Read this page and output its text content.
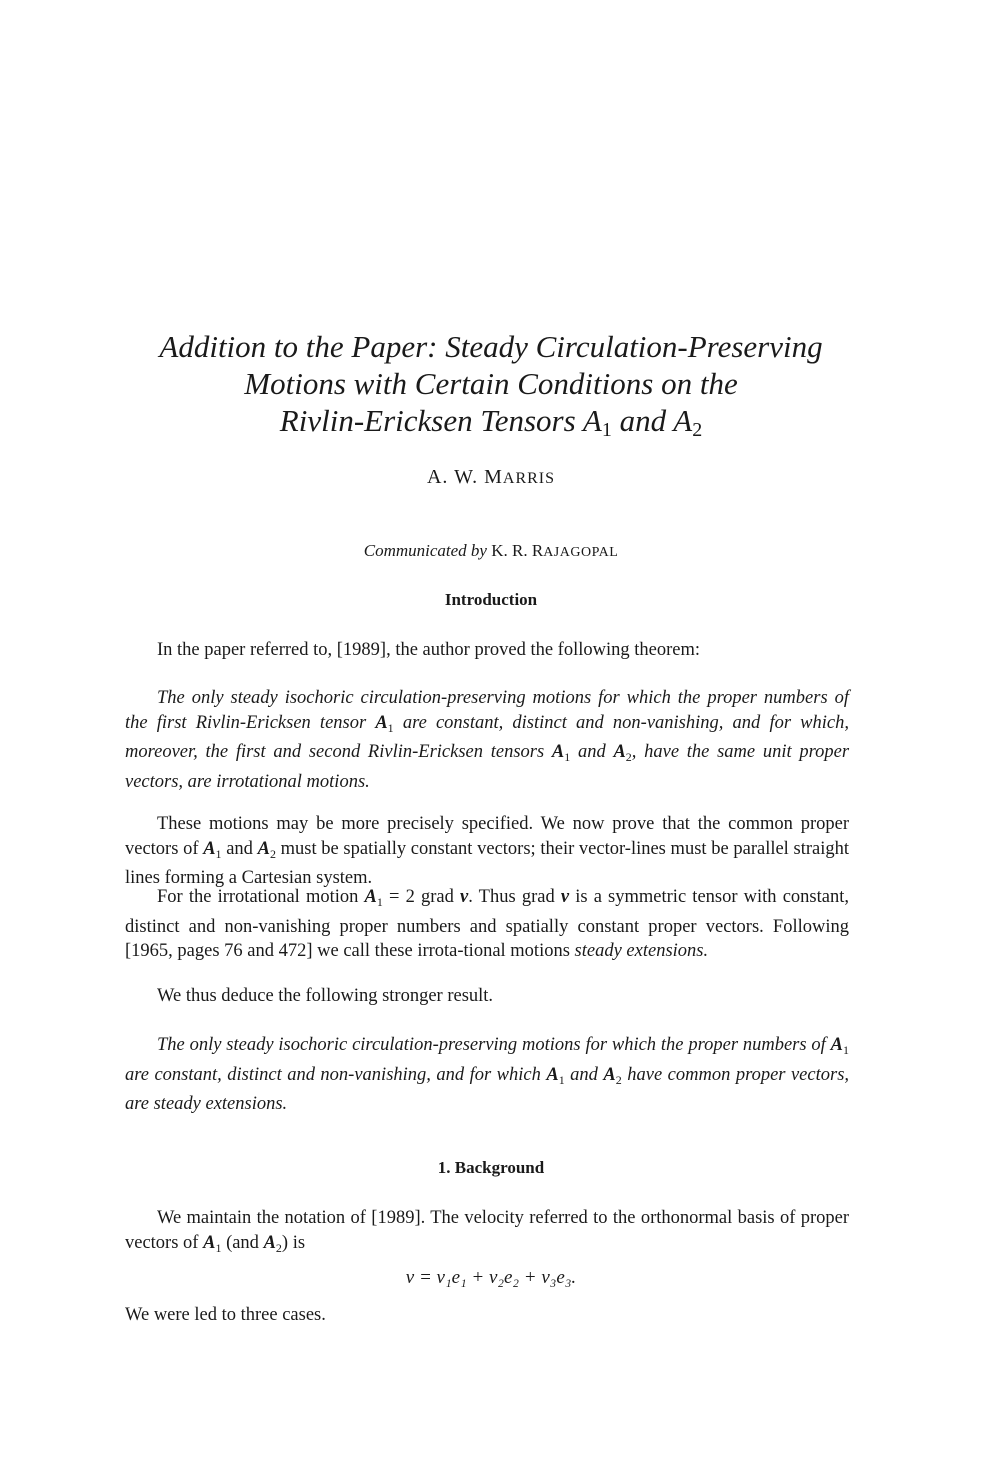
Addition to the Paper: Steady Circulation-Preserving
Motions with Certain Conditions on the
Rivlin-Ericksen Tensors $A_1$ and $A_2$
A. W. MARRIS
Communicated by K. R. RAJAGOPAL
Introduction
In the paper referred to, [1989], the author proved the following theorem:
The only steady isochoric circulation-preserving motions for which the proper numbers of the first Rivlin-Ericksen tensor $A_1$ are constant, distinct and non-vanishing, and for which, moreover, the first and second Rivlin-Ericksen tensors $A_1$ and $A_2$, have the same unit proper vectors, are irrotational motions.
These motions may be more precisely specified. We now prove that the common proper vectors of $A_1$ and $A_2$ must be spatially constant vectors; their vector-lines must be parallel straight lines forming a Cartesian system.
For the irrotational motion $A_1 = 2$ grad v. Thus grad v is a symmetric tensor with constant, distinct and non-vanishing proper numbers and spatially constant proper vectors. Following [1965, pages 76 and 472] we call these irrota-tional motions steady extensions.
We thus deduce the following stronger result.
The only steady isochoric circulation-preserving motions for which the proper numbers of $A_1$ are constant, distinct and non-vanishing, and for which $A_1$ and $A_2$ have common proper vectors, are steady extensions.
1. Background
We maintain the notation of [1989]. The velocity referred to the orthonormal basis of proper vectors of $A_1$ (and $A_2$) is
v = v₁e₁ + v₂e₂ + v₃e₃.
We were led to three cases.
